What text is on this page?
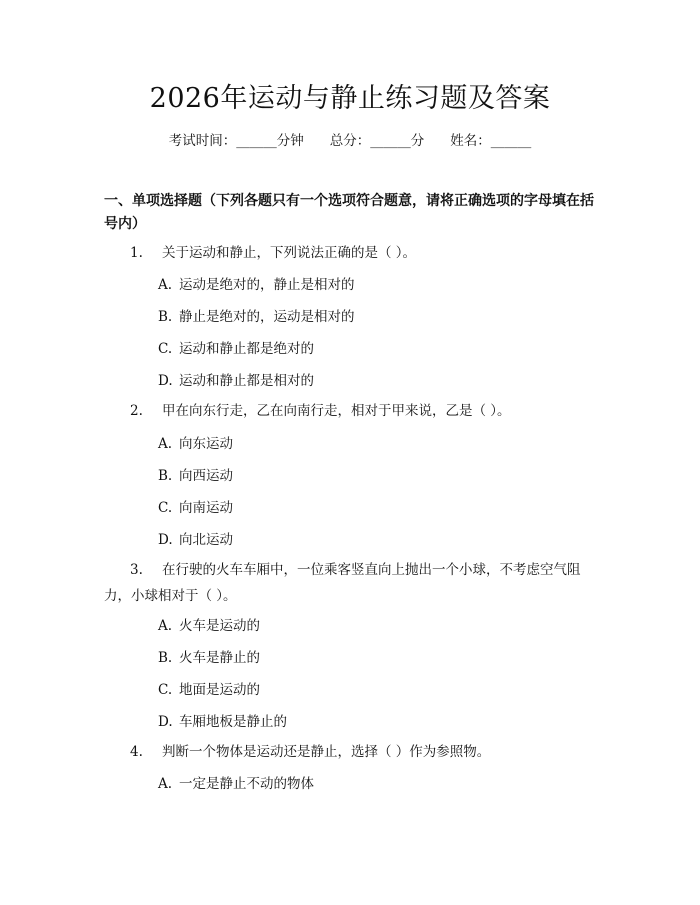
2026年运动与静止练习题及答案
考试时间：______分钟 总分：______分 姓名：______
一、单项选择题（下列各题只有一个选项符合题意，请将正确选项的字母填在括号内）
1. 关于运动和静止，下列说法正确的是（ ）。
A. 运动是绝对的，静止是相对的
B. 静止是绝对的，运动是相对的
C. 运动和静止都是绝对的
D. 运动和静止都是相对的
2. 甲在向东行走，乙在向南行走，相对于甲来说，乙是（ ）。
A. 向东运动
B. 向西运动
C. 向南运动
D. 向北运动
3. 在行驶的火车车厢中，一位乘客竖直向上抛出一个小球，不考虑空气阻力，小球相对于（ ）。
A. 火车是运动的
B. 火车是静止的
C. 地面是运动的
D. 车厢地板是静止的
4. 判断一个物体是运动还是静止，选择（ ）作为参照物。
A. 一定是静止不动的物体
